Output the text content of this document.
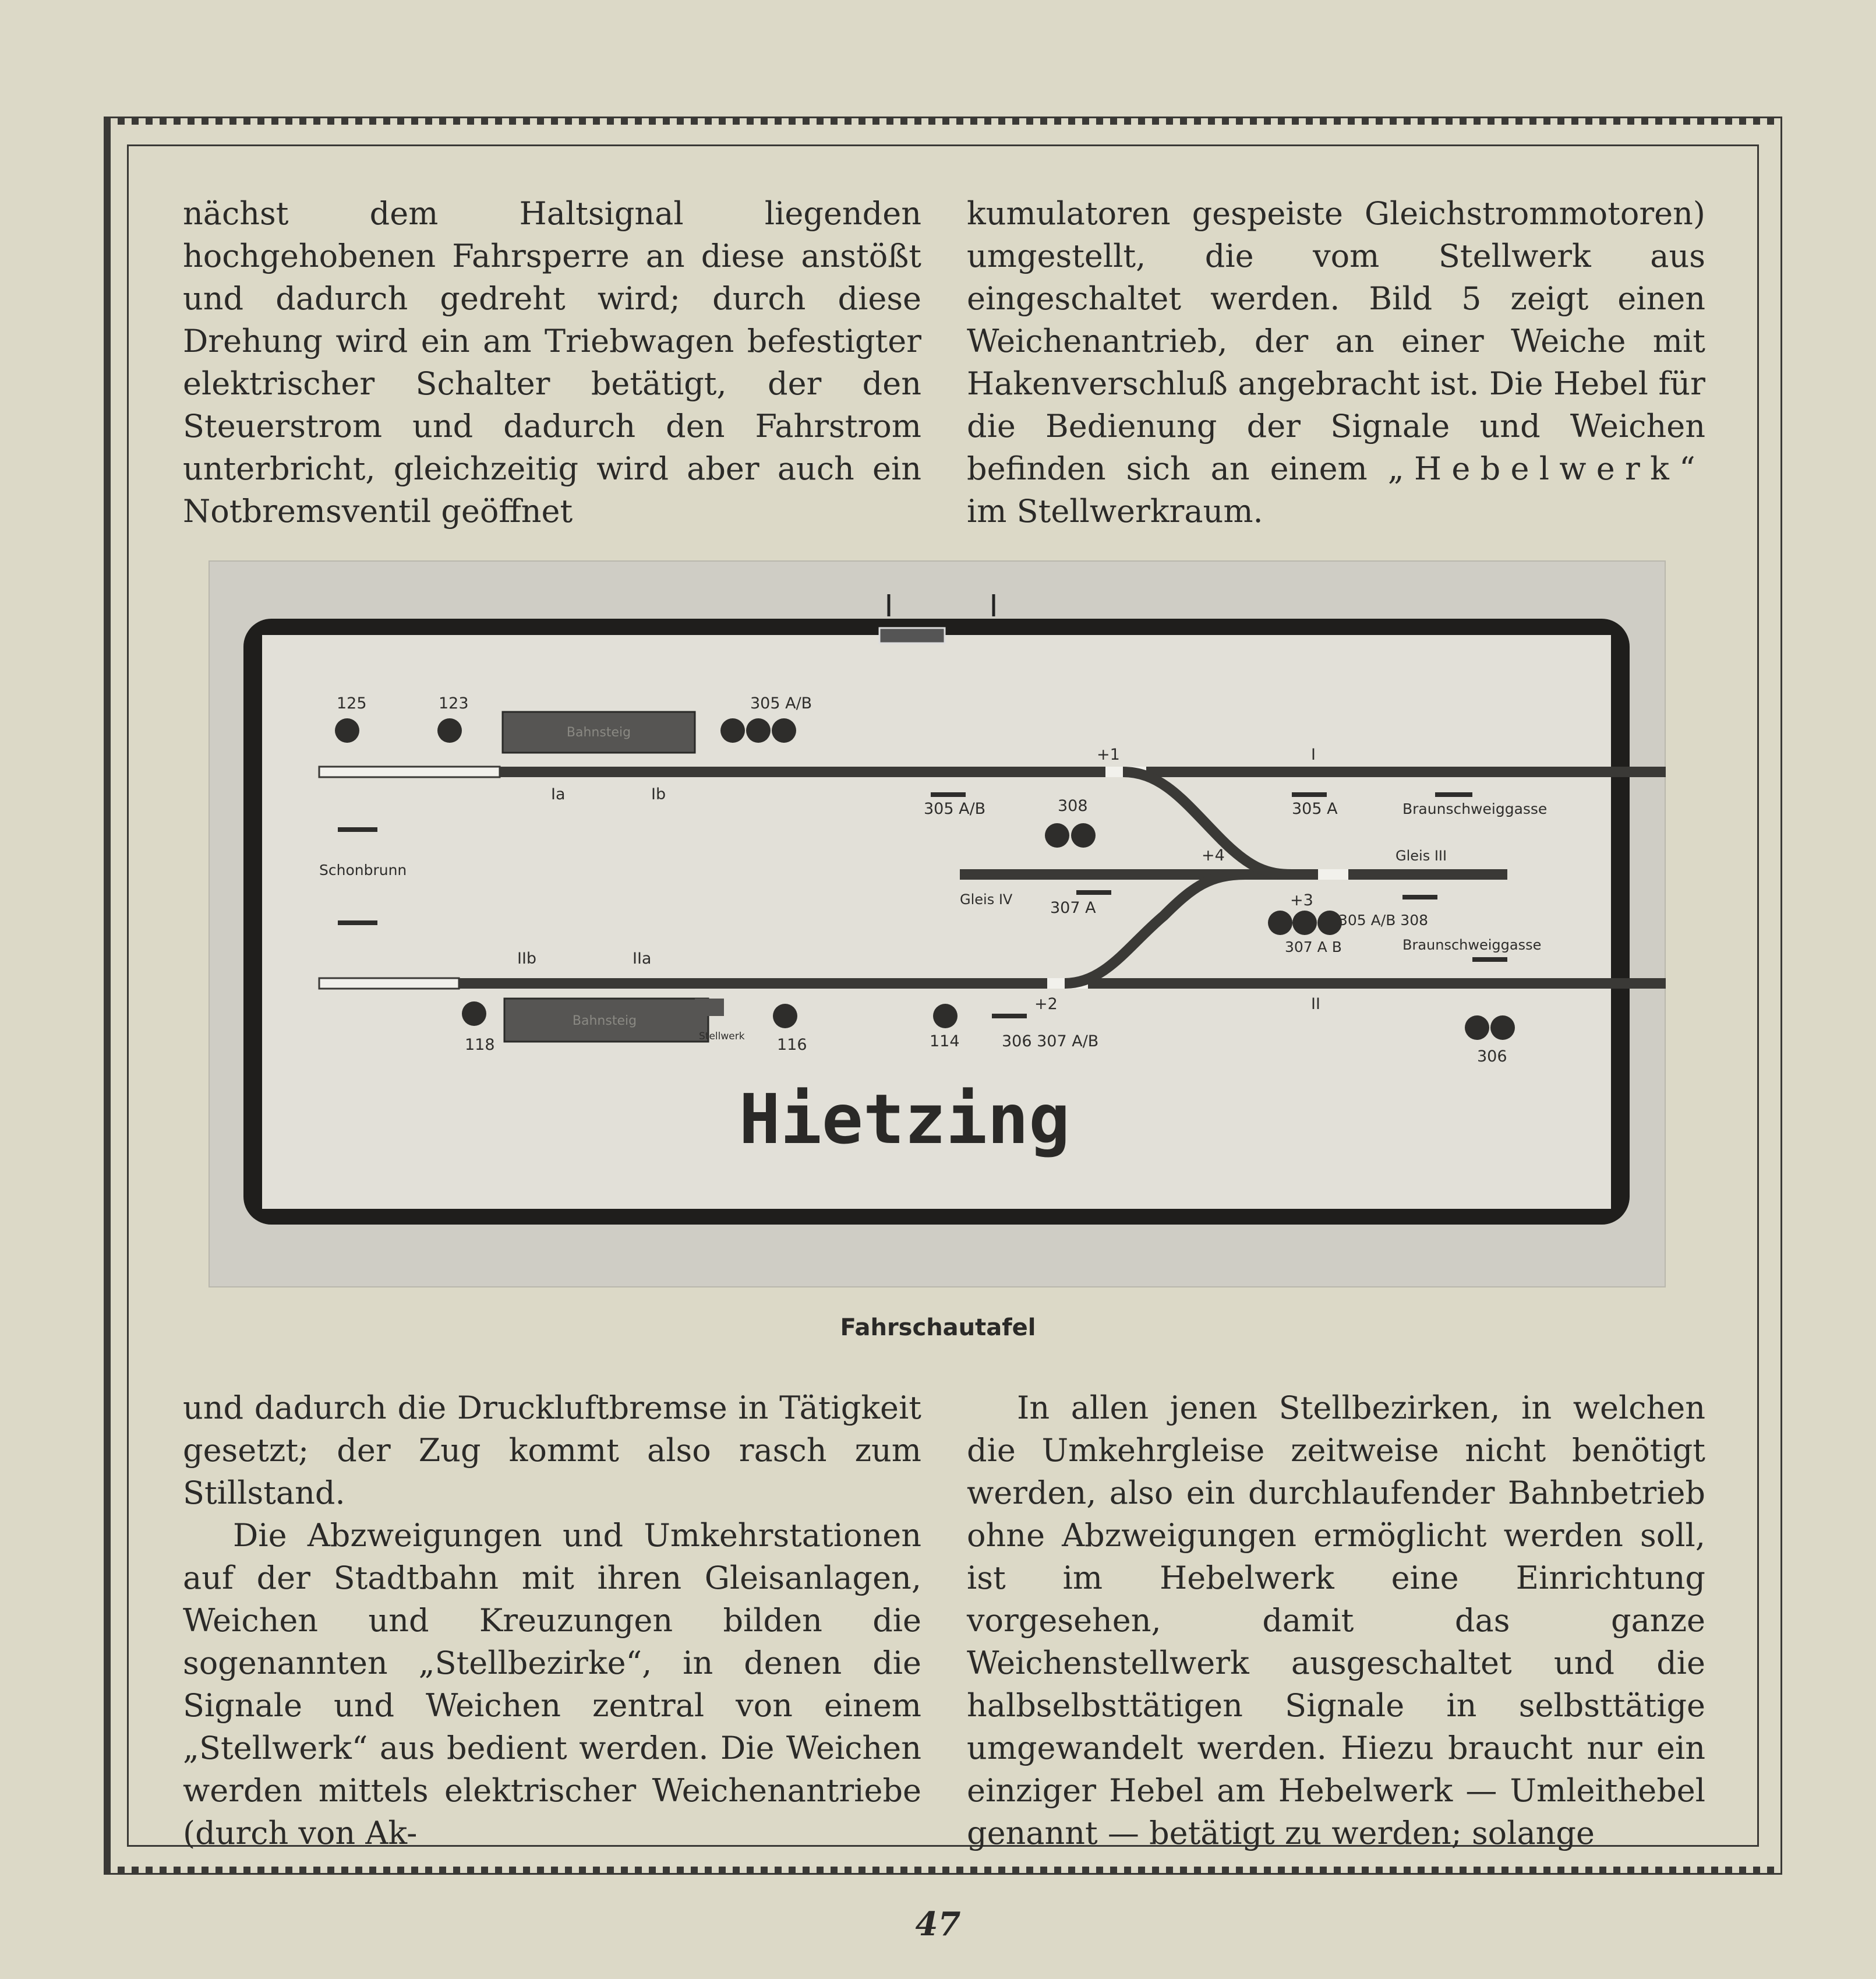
nächst dem Haltsignal liegenden hochgehobenen Fahrsperre an diese anstößt und dadurch gedreht wird; durch diese Drehung wird ein am Triebwagen befestigter elektrischer Schalter betätigt, der den Steuerstrom und dadurch den Fahrstrom unterbricht, gleichzeitig wird aber auch ein Notbremsventil geöffnet

kumulatoren gespeiste Gleichstrommotoren) umgestellt, die vom Stellwerk aus eingeschaltet werden. Bild 5 zeigt einen Weichenantrieb, der an einer Weiche mit Hakenverschluß angebracht ist. Die Hebel für die Bedienung der Signale und Weichen befinden sich an einem „Hebelwerk“ im Stellwerkraum.

Bahnsteig
Bahnsteig
125	123	305 A/B
+1	I
Ia	Ib
305 A/B	308	305 A	Braunschweiggasse
Schonbrunn
+4	Gleis III
Gleis IV 307 A	+3
305 A/B 308
307 A B	Braunschweiggasse
IIb	IIa
+2	II
118	Stellwerk 116	114	306 307 A/B
306
Hietzing
Fahrschautafel

und dadurch die Druckluftbremse in Tätigkeit gesetzt; der Zug kommt also rasch zum Stillstand.

Die Abzweigungen und Umkehrstationen auf der Stadtbahn mit ihren Gleisanlagen, Weichen und Kreuzungen bilden die sogenannten „Stellbezirke“, in denen die Signale und Weichen zentral von einem „Stellwerk“ aus bedient werden. Die Weichen werden mittels elektrischer Weichenantriebe (durch von Ak-

In allen jenen Stellbezirken, in welchen die Umkehrgleise zeitweise nicht benötigt werden, also ein durchlaufender Bahnbetrieb ohne Abzweigungen ermöglicht werden soll, ist im Hebelwerk eine Einrichtung vorgesehen, damit das ganze Weichenstellwerk ausgeschaltet und die halbselbsttätigen Signale in selbsttätige umgewandelt werden. Hiezu braucht nur ein einziger Hebel am Hebelwerk — Umleithebel genannt — betätigt zu werden; solange

47
